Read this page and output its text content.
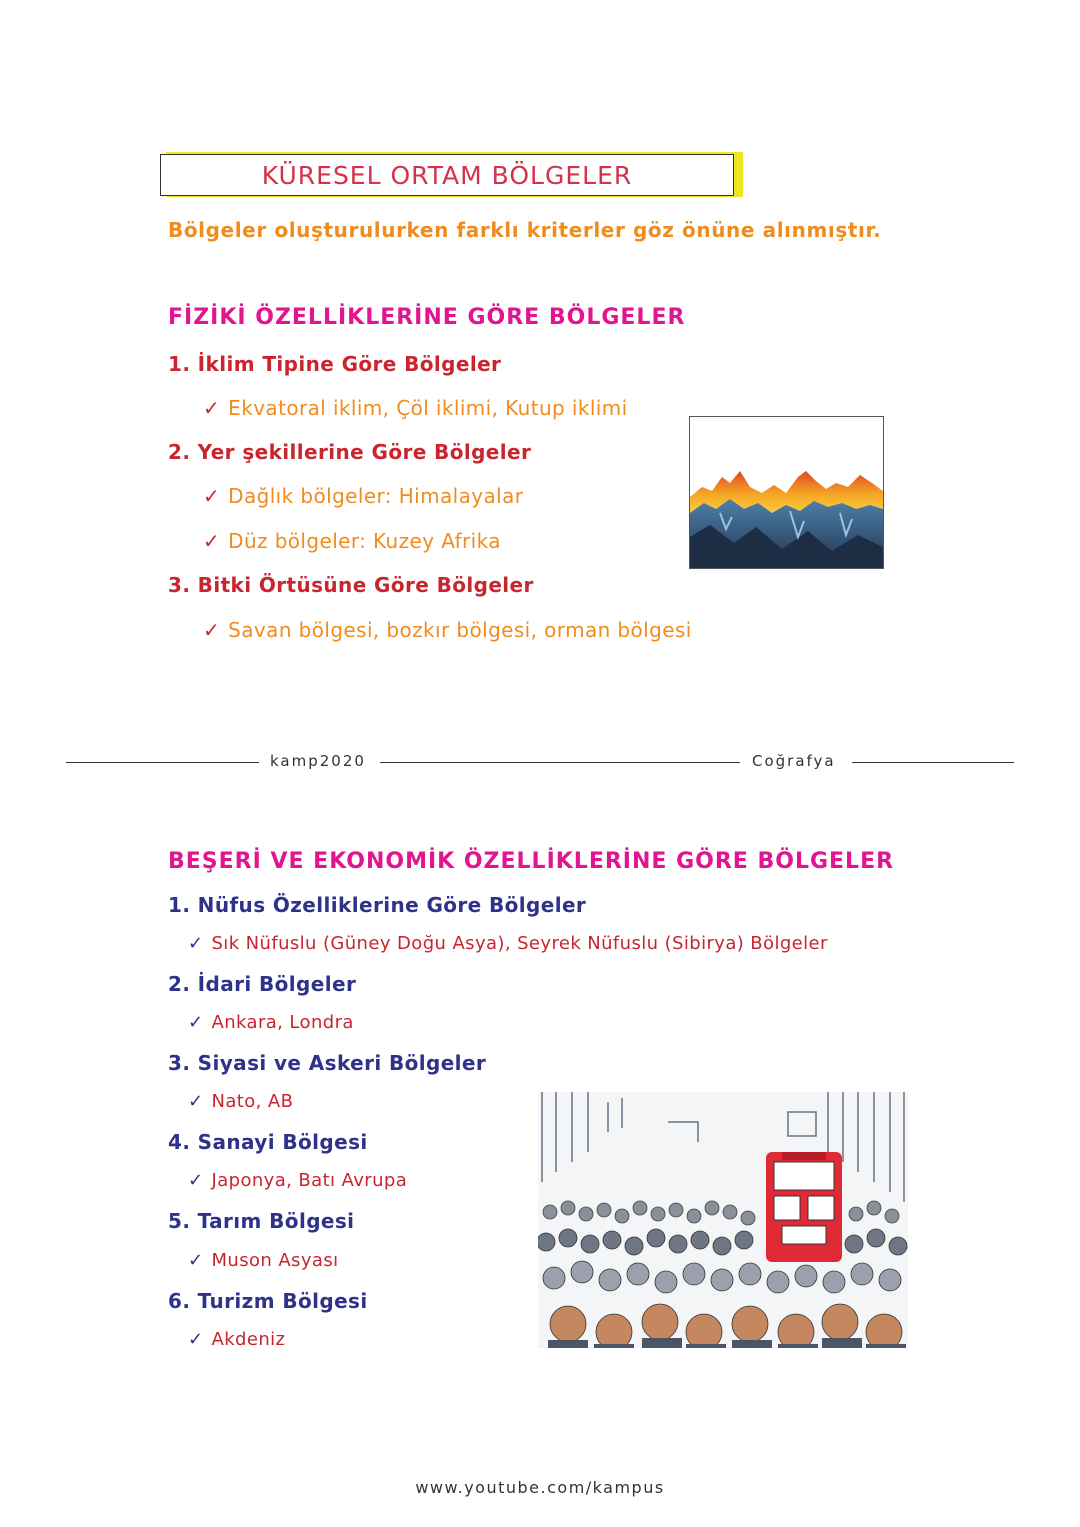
KÜRESEL ORTAM BÖLGELER
Bölgeler oluşturulurken farklı kriterler göz önüne alınmıştır.
FİZİKİ ÖZELLİKLERİNE GÖRE BÖLGELER
1. İklim Tipine Göre Bölgeler
✓ Ekvatoral iklim, Çöl iklimi, Kutup iklimi
2. Yer şekillerine Göre Bölgeler
✓ Dağlık bölgeler: Himalayalar
✓ Düz bölgeler: Kuzey Afrika
3. Bitki Örtüsüne Göre Bölgeler
✓ Savan bölgesi, bozkır bölgesi, orman bölgesi
kamp2020	Coğrafya
BEŞERİ VE EKONOMİK ÖZELLİKLERİNE GÖRE BÖLGELER
1. Nüfus Özelliklerine Göre Bölgeler
✓ Sık Nüfuslu (Güney Doğu Asya), Seyrek Nüfuslu (Sibirya) Bölgeler
2. İdari Bölgeler
✓ Ankara, Londra
3. Siyasi ve Askeri Bölgeler
✓ Nato, AB
4. Sanayi Bölgesi
✓ Japonya, Batı Avrupa
5. Tarım Bölgesi
✓ Muson Asyası
6. Turizm Bölgesi
✓ Akdeniz
www.youtube.com/kampus
